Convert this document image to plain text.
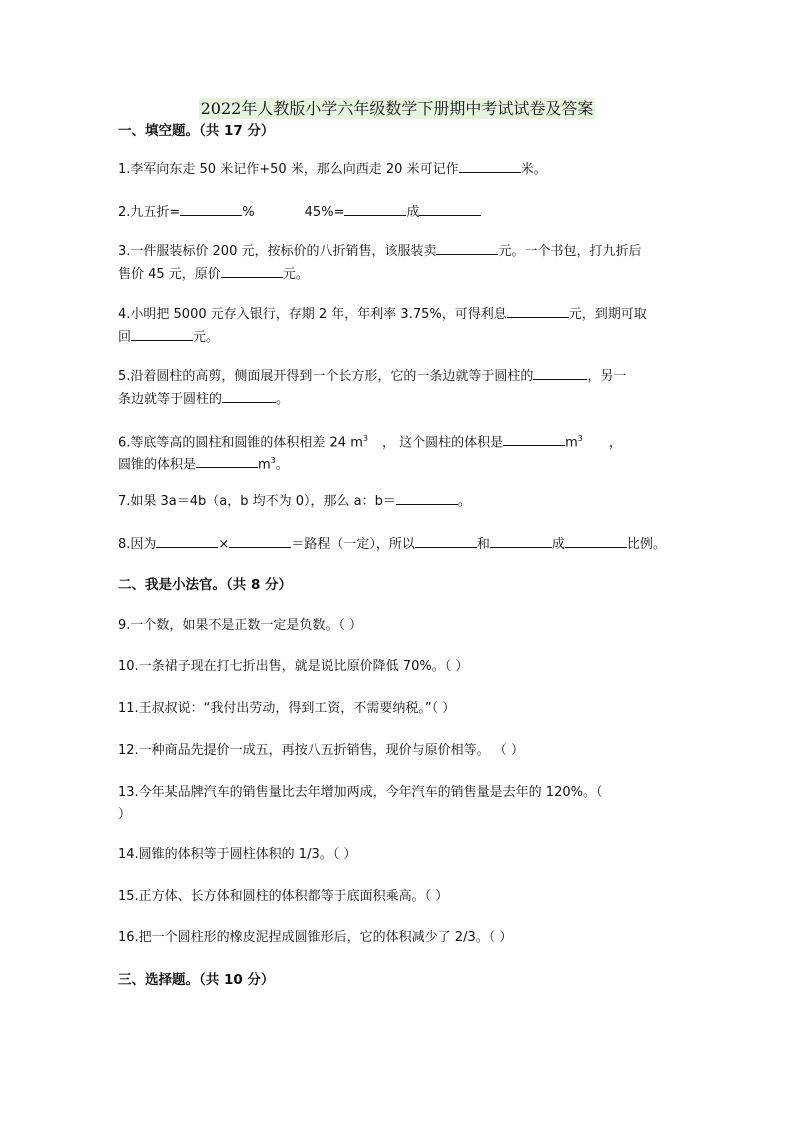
2022年人教版小学六年级数学下册期中考试试卷及答案
一、填空题。（共 17 分）
1.李军向东走 50 米记作+50 米，那么向西走 20 米可记作	米。
2.九五折=	%	45%=	成
3.一件服装标价 200 元，按标价的八折销售，该服装卖	元。一个书包，打九折后
售价 45 元，原价	元。
4.小明把 5000 元存入银行，存期 2 年，年利率 3.75%，可得利息	元，到期可取
回	元。
5.沿着圆柱的高剪，侧面展开得到一个长方形，它的一条边就等于圆柱的	，另一
条边就等于圆柱的	。
6.等底等高的圆柱和圆锥的体积相差 24 $m^3$ ， 这个圆柱的体积是	$m^3$ ，
圆锥的体积是	$m^3$。
7.如果 3a＝4b（a，b 均不为 0），那么 a：b＝	。
8.因为	×	＝路程（一定），所以	和	成	比例。
二、我是小法官。（共 8 分）
9.一个数，如果不是正数一定是负数。（ ）
10.一条裙子现在打七折出售，就是说比原价降低 70%。（ ）
11.王叔叔说：“我付出劳动，得到工资，不需要纳税。”（ ）
12.一种商品先提价一成五，再按八五折销售，现价与原价相等。 （ ）
13.今年某品牌汽车的销售量比去年增加两成，今年汽车的销售量是去年的 120%。（
）
14.圆锥的体积等于圆柱体积的 1/3。（ ）
15.正方体、长方体和圆柱的体积都等于底面积乘高。（ ）
16.把一个圆柱形的橡皮泥捏成圆锥形后，它的体积减少了 2/3。（ ）
三、选择题。（共 10 分）
